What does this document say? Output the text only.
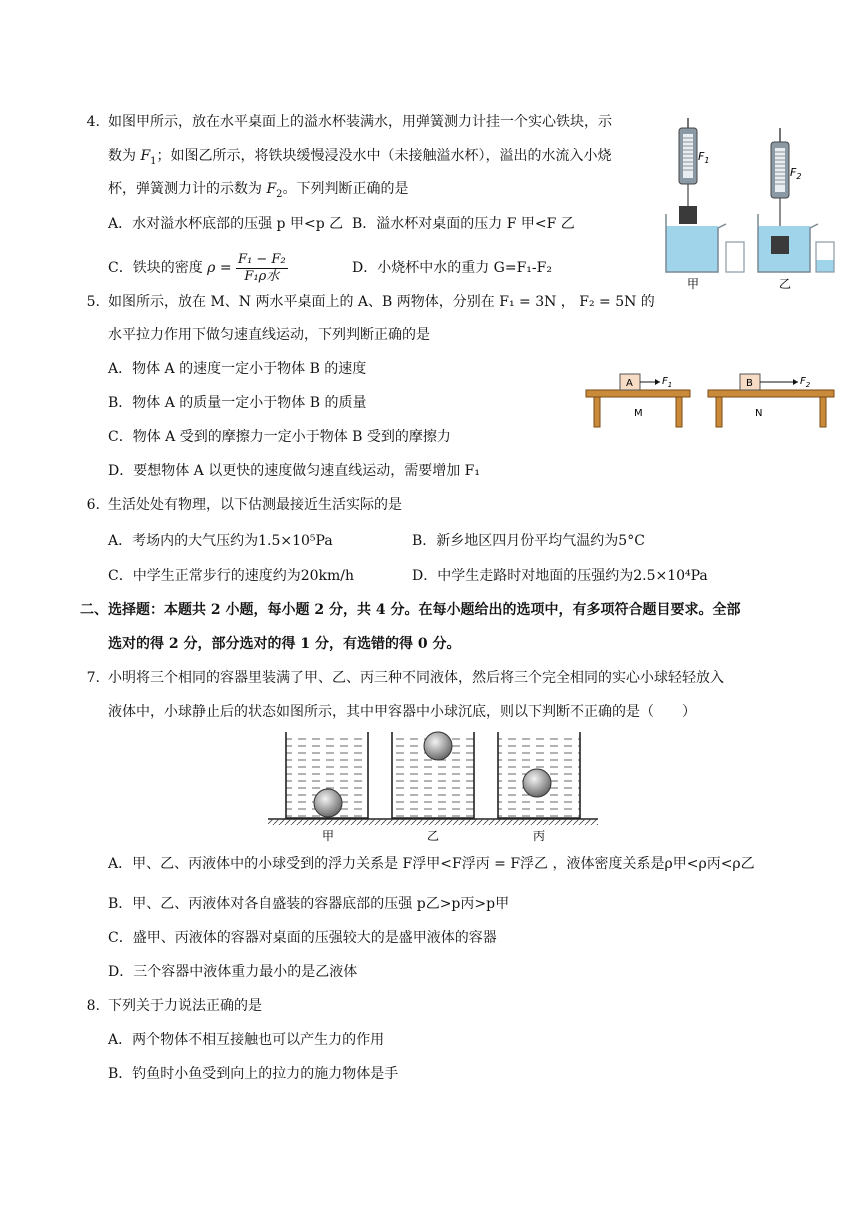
4. 如图甲所示，放在水平桌面上的溢水杯装满水，用弹簧测力计挂一个实心铁块，示
数为 $F_1$；如图乙所示，将铁块缓慢浸没水中（未接触溢水杯），溢出的水流入小烧
杯，弹簧测力计的示数为 $F_2$。下列判断正确的是
A．水对溢水杯底部的压强 p 甲<p 乙 B．溢水杯对桌面的压力 F 甲<F 乙
C．铁块的密度 $\rho = \frac{\text{F₁ − F₂}}{\text{F₁ρ水}}$	D．小烧杯中水的重力 G=F₁-F₂
$F_1$
甲
$F_2$
乙
5. 如图所示，放在 M、N 两水平桌面上的 A、B 两物体，分别在 F₁ = 3N ， F₂ = 5N 的
水平拉力作用下做匀速直线运动，下列判断正确的是
A．物体 A 的速度一定小于物体 B 的速度
B．物体 A 的质量一定小于物体 B 的质量
C．物体 A 受到的摩擦力一定小于物体 B 受到的摩擦力
D．要想物体 A 以更快的速度做匀速直线运动，需要增加 F₁
A	$F_1$
M
B	$F_2$
N
6. 生活处处有物理，以下估测最接近生活实际的是
A．考场内的大气压约为1.5×10⁵Pa	B．新乡地区四月份平均气温约为5°C
C．中学生正常步行的速度约为20km/h	D．中学生走路时对地面的压强约为2.5×10⁴Pa
二、选择题：本题共 2 小题，每小题 2 分，共 4 分。在每小题给出的选项中，有多项符合题目要求。全部
选对的得 2 分，部分选对的得 1 分，有选错的得 0 分。
7. 小明将三个相同的容器里装满了甲、乙、丙三种不同液体，然后将三个完全相同的实心小球轻轻放入
液体中，小球静止后的状态如图所示，其中甲容器中小球沉底，则以下判断不正确的是（　　）
甲	乙	丙
A．甲、乙、丙液体中的小球受到的浮力关系是 F浮甲<F浮丙 = F浮乙 ，液体密度关系是ρ甲<ρ丙<ρ乙
B．甲、乙、丙液体对各自盛装的容器底部的压强 p乙>p丙>p甲
C．盛甲、丙液体的容器对桌面的压强较大的是盛甲液体的容器
D．三个容器中液体重力最小的是乙液体
8. 下列关于力说法正确的是
A．两个物体不相互接触也可以产生力的作用
B．钓鱼时小鱼受到向上的拉力的施力物体是手
